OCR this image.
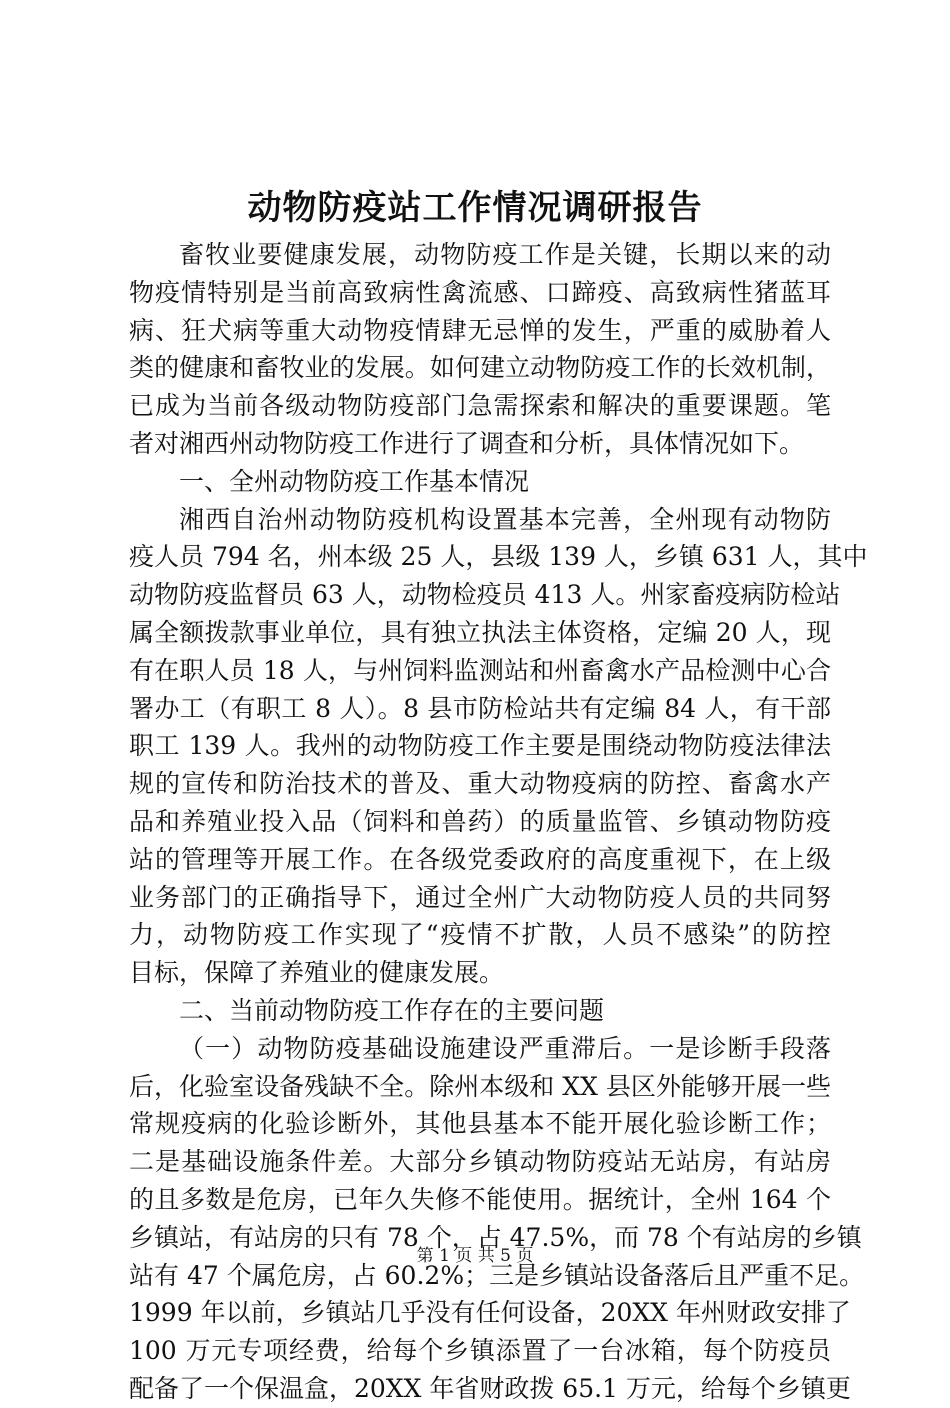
动物防疫站工作情况调研报告
畜牧业要健康发展，动物防疫工作是关键，长期以来的动
物疫情特别是当前高致病性禽流感、口蹄疫、高致病性猪蓝耳
病、狂犬病等重大动物疫情肆无忌惮的发生，严重的威胁着人
类的健康和畜牧业的发展。如何建立动物防疫工作的长效机制，
已成为当前各级动物防疫部门急需探索和解决的重要课题。笔
者对湘西州动物防疫工作进行了调查和分析，具体情况如下。
一、全州动物防疫工作基本情况
湘西自治州动物防疫机构设置基本完善，全州现有动物防
疫人员 794 名，州本级 25 人，县级 139 人，乡镇 631 人，其中
动物防疫监督员 63 人，动物检疫员 413 人。州家畜疫病防检站
属全额拨款事业单位，具有独立执法主体资格，定编 20 人，现
有在职人员 18 人，与州饲料监测站和州畜禽水产品检测中心合
署办工（有职工 8 人）。8 县市防检站共有定编 84 人，有干部
职工 139 人。我州的动物防疫工作主要是围绕动物防疫法律法
规的宣传和防治技术的普及、重大动物疫病的防控、畜禽水产
品和养殖业投入品（饲料和兽药）的质量监管、乡镇动物防疫
站的管理等开展工作。在各级党委政府的高度重视下，在上级
业务部门的正确指导下，通过全州广大动物防疫人员的共同努
力，动物防疫工作实现了“疫情不扩散，人员不感染”的防控
目标，保障了养殖业的健康发展。
二、当前动物防疫工作存在的主要问题
（一）动物防疫基础设施建设严重滞后。一是诊断手段落
后，化验室设备残缺不全。除州本级和 XX 县区外能够开展一些
常规疫病的化验诊断外，其他县基本不能开展化验诊断工作；
二是基础设施条件差。大部分乡镇动物防疫站无站房，有站房
的且多数是危房，已年久失修不能使用。据统计，全州 164 个
乡镇站，有站房的只有 78 个，占 47.5%，而 78 个有站房的乡镇
站有 47 个属危房，占 60.2%；三是乡镇站设备落后且严重不足。
1999 年以前，乡镇站几乎没有任何设备，20XX 年州财政安排了
100 万元专项经费，给每个乡镇添置了一台冰箱，每个防疫员
配备了一个保温盒，20XX 年省财政拨 65.1 万元，给每个乡镇更
第 1 页 共 5 页
